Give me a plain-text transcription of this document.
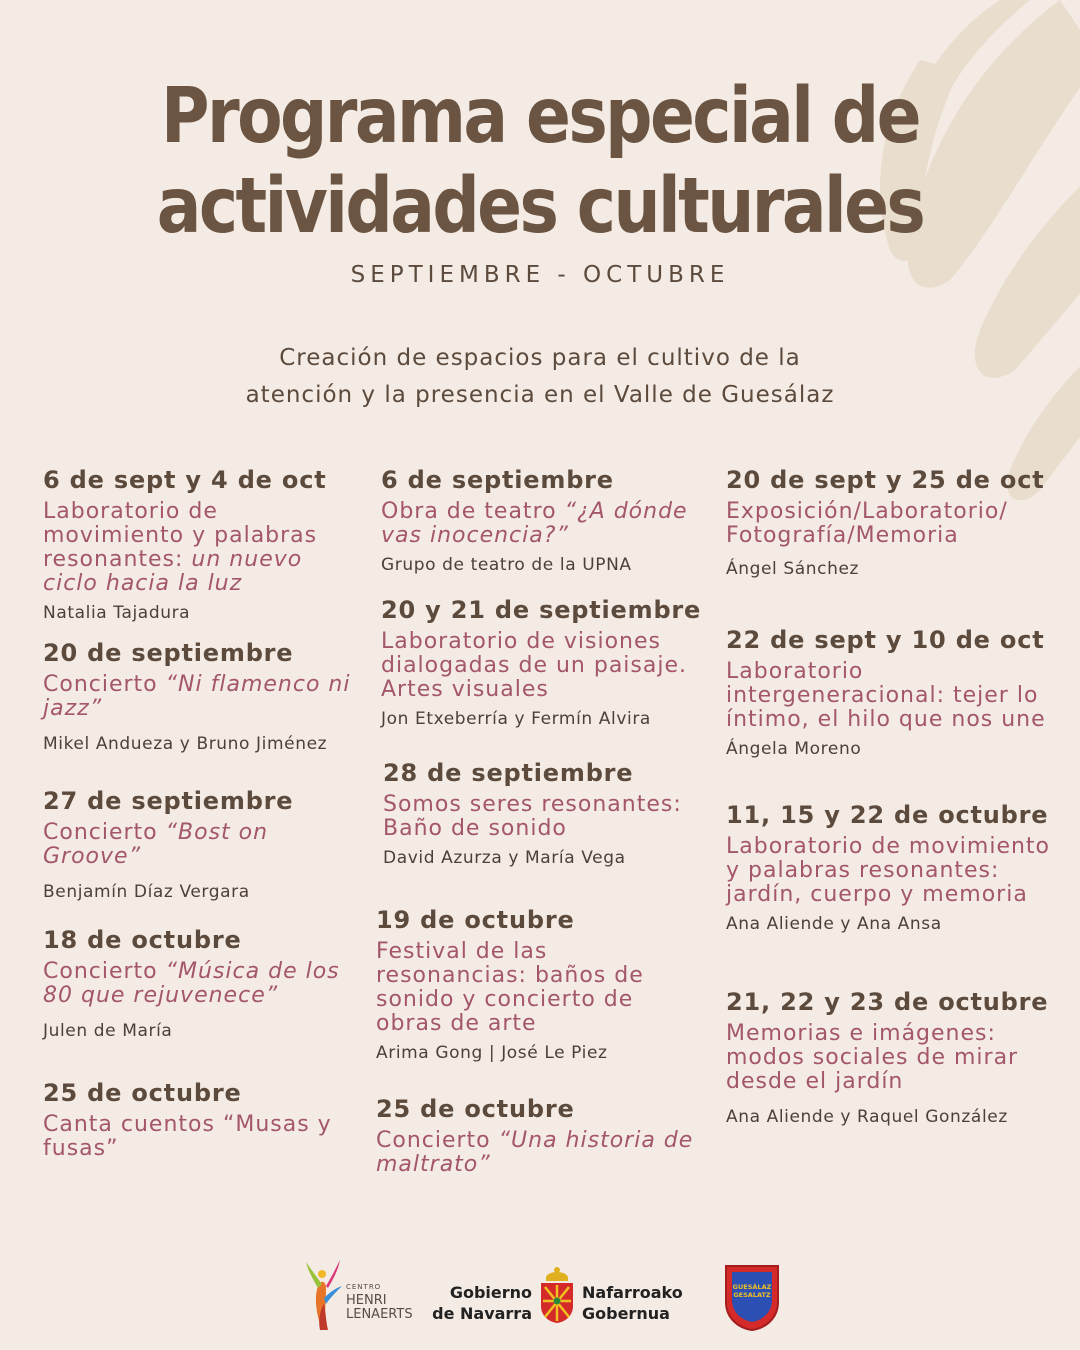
Programa especial de
actividades culturales
SEPTIEMBRE - OCTUBRE
Creación de espacios para el cultivo de la
atención y la presencia en el Valle de Guesálaz
6 de sept y 4 de oct
Laboratorio de movimiento y palabras resonantes: un nuevo ciclo hacia la luz
Natalia Tajadura
20 de septiembre
Concierto “Ni flamenco ni jazz”
Mikel Andueza y Bruno Jiménez
27 de septiembre
Concierto “Bost on Groove”
Benjamín Díaz Vergara
18 de octubre
Concierto “Música de los 80 que rejuvenece”
Julen de María
25 de octubre
Canta cuentos “Musas y fusas”
6 de septiembre
Obra de teatro “¿A dónde vas inocencia?”
Grupo de teatro de la UPNA
20 y 21 de septiembre
Laboratorio de visiones dialogadas de un paisaje. Artes visuales
Jon Etxeberría y Fermín Alvira
28 de septiembre
Somos seres resonantes: Baño de sonido
David Azurza y María Vega
19 de octubre
Festival de las resonancias: baños de sonido y concierto de obras de arte
Arima Gong | José Le Piez
25 de octubre
Concierto “Una historia de maltrato”
20 de sept y 25 de oct
Exposición/Laboratorio/ Fotografía/Memoria
Ángel Sánchez
22 de sept y 10 de oct
Laboratorio intergeneracional: tejer lo íntimo, el hilo que nos une
Ángela Moreno
11, 15 y 22 de octubre
Laboratorio de movimiento y palabras resonantes: jardín, cuerpo y memoria
Ana Aliende y Ana Ansa
21, 22 y 23 de octubre
Memorias e imágenes: modos sociales de mirar desde el jardín
Ana Aliende y Raquel González
CENTRO
HENRI
LENAERTS
Gobierno
de Navarra
Nafarroako
Gobernua
GUESÁLAZ
GESALATZ
